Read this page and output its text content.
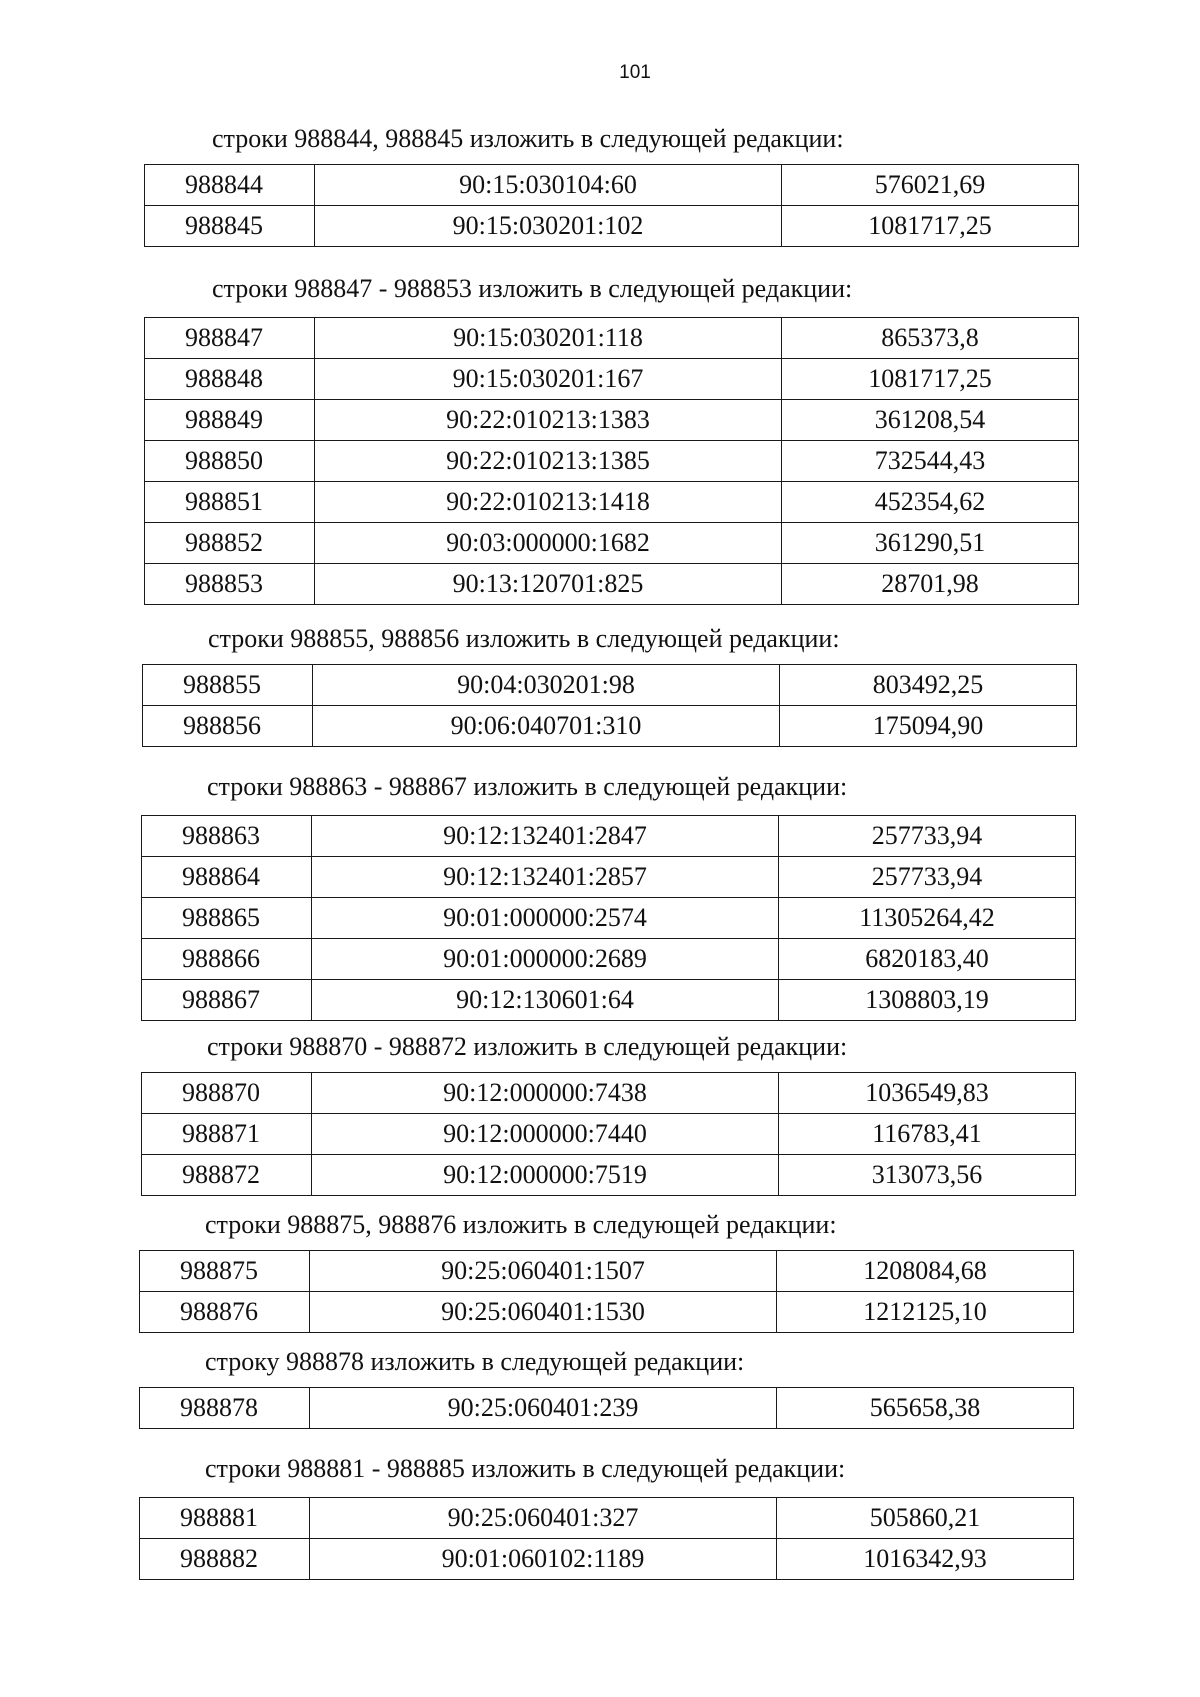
101
строки 988844, 988845 изложить в следующей редакции:
988844	90:15:030104:60	576021,69
988845	90:15:030201:102	1081717,25
строки 988847 - 988853 изложить в следующей редакции:
988847	90:15:030201:118	865373,8
988848	90:15:030201:167	1081717,25
988849	90:22:010213:1383	361208,54
988850	90:22:010213:1385	732544,43
988851	90:22:010213:1418	452354,62
988852	90:03:000000:1682	361290,51
988853	90:13:120701:825	28701,98
строки 988855, 988856 изложить в следующей редакции:
988855	90:04:030201:98	803492,25
988856	90:06:040701:310	175094,90
строки 988863 - 988867 изложить в следующей редакции:
988863	90:12:132401:2847	257733,94
988864	90:12:132401:2857	257733,94
988865	90:01:000000:2574	11305264,42
988866	90:01:000000:2689	6820183,40
988867	90:12:130601:64	1308803,19
строки 988870 - 988872 изложить в следующей редакции:
988870	90:12:000000:7438	1036549,83
988871	90:12:000000:7440	116783,41
988872	90:12:000000:7519	313073,56
строки 988875, 988876 изложить в следующей редакции:
988875	90:25:060401:1507	1208084,68
988876	90:25:060401:1530	1212125,10
строку 988878 изложить в следующей редакции:
988878	90:25:060401:239	565658,38
строки 988881 - 988885 изложить в следующей редакции:
988881	90:25:060401:327	505860,21
988882	90:01:060102:1189	1016342,93
